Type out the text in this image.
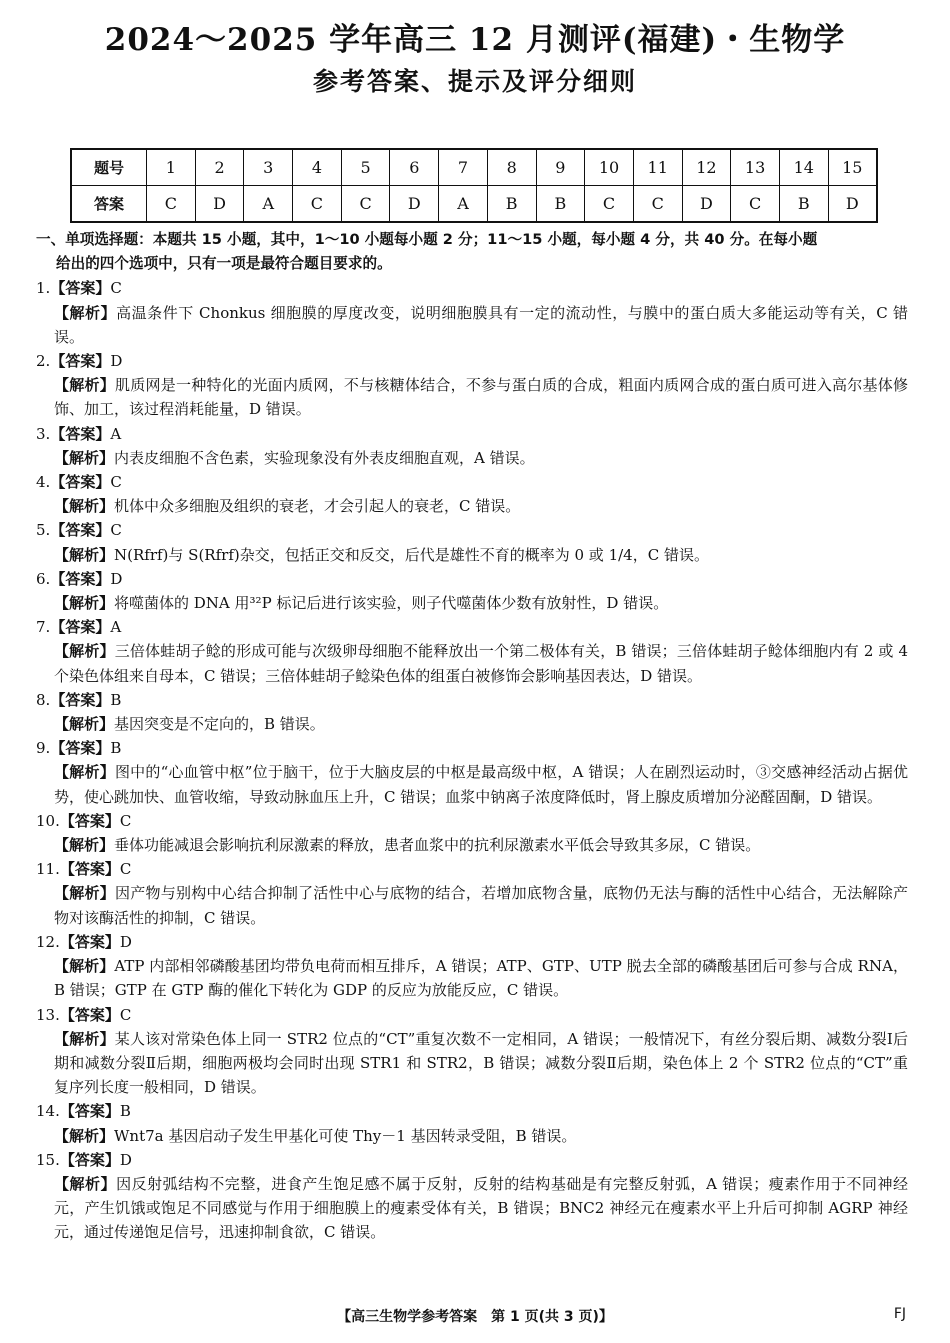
2024～2025 学年高三 12 月测评(福建)・生物学
参考答案、提示及评分细则
题号	1	2	3	4	5	6	7	8	9	10	11	12	13	14	15
答案	C	D	A	C	C	D	A	B	B	C	C	D	C	B	D
一、单项选择题：本题共 15 小题，其中，1～10 小题每小题 2 分；11～15 小题，每小题 4 分，共 40 分。在每小题
给出的四个选项中，只有一项是最符合题目要求的。
1.【答案】C
【解析】高温条件下 Chonkus 细胞膜的厚度改变，说明细胞膜具有一定的流动性，与膜中的蛋白质大多能运动等有关，C 错误。
2.【答案】D
【解析】肌质网是一种特化的光面内质网，不与核糖体结合，不参与蛋白质的合成，粗面内质网合成的蛋白质可进入高尔基体修饰、加工，该过程消耗能量，D 错误。
3.【答案】A
【解析】内表皮细胞不含色素，实验现象没有外表皮细胞直观，A 错误。
4.【答案】C
【解析】机体中众多细胞及组织的衰老，才会引起人的衰老，C 错误。
5.【答案】C
【解析】N(Rfrf)与 S(Rfrf)杂交，包括正交和反交，后代是雄性不育的概率为 0 或 1/4，C 错误。
6.【答案】D
【解析】将噬菌体的 DNA 用³²P 标记后进行该实验，则子代噬菌体少数有放射性，D 错误。
7.【答案】A
【解析】三倍体蛙胡子鲶的形成可能与次级卵母细胞不能释放出一个第二极体有关，B 错误；三倍体蛙胡子鲶体细胞内有 2 或 4 个染色体组来自母本，C 错误；三倍体蛙胡子鲶染色体的组蛋白被修饰会影响基因表达，D 错误。
8.【答案】B
【解析】基因突变是不定向的，B 错误。
9.【答案】B
【解析】图中的“心血管中枢”位于脑干，位于大脑皮层的中枢是最高级中枢，A 错误；人在剧烈运动时，③交感神经活动占据优势，使心跳加快、血管收缩，导致动脉血压上升，C 错误；血浆中钠离子浓度降低时，肾上腺皮质增加分泌醛固酮，D 错误。
10.【答案】C
【解析】垂体功能减退会影响抗利尿激素的释放，患者血浆中的抗利尿激素水平低会导致其多尿，C 错误。
11.【答案】C
【解析】因产物与别构中心结合抑制了活性中心与底物的结合，若增加底物含量，底物仍无法与酶的活性中心结合，无法解除产物对该酶活性的抑制，C 错误。
12.【答案】D
【解析】ATP 内部相邻磷酸基团均带负电荷而相互排斥，A 错误；ATP、GTP、UTP 脱去全部的磷酸基团后可参与合成 RNA，B 错误；GTP 在 GTP 酶的催化下转化为 GDP 的反应为放能反应，C 错误。
13.【答案】C
【解析】某人该对常染色体上同一 STR2 位点的“CT”重复次数不一定相同，A 错误；一般情况下，有丝分裂后期、减数分裂Ⅰ后期和减数分裂Ⅱ后期，细胞两极均会同时出现 STR1 和 STR2，B 错误；减数分裂Ⅱ后期，染色体上 2 个 STR2 位点的“CT”重复序列长度一般相同，D 错误。
14.【答案】B
【解析】Wnt7a 基因启动子发生甲基化可使 Thy－1 基因转录受阻，B 错误。
15.【答案】D
【解析】因反射弧结构不完整，进食产生饱足感不属于反射，反射的结构基础是有完整反射弧，A 错误；瘦素作用于不同神经元，产生饥饿或饱足不同感觉与作用于细胞膜上的瘦素受体有关，B 错误；BNC2 神经元在瘦素水平上升后可抑制 AGRP 神经元，通过传递饱足信号，迅速抑制食欲，C 错误。
【高三生物学参考答案　第 1 页(共 3 页)】	FJ
